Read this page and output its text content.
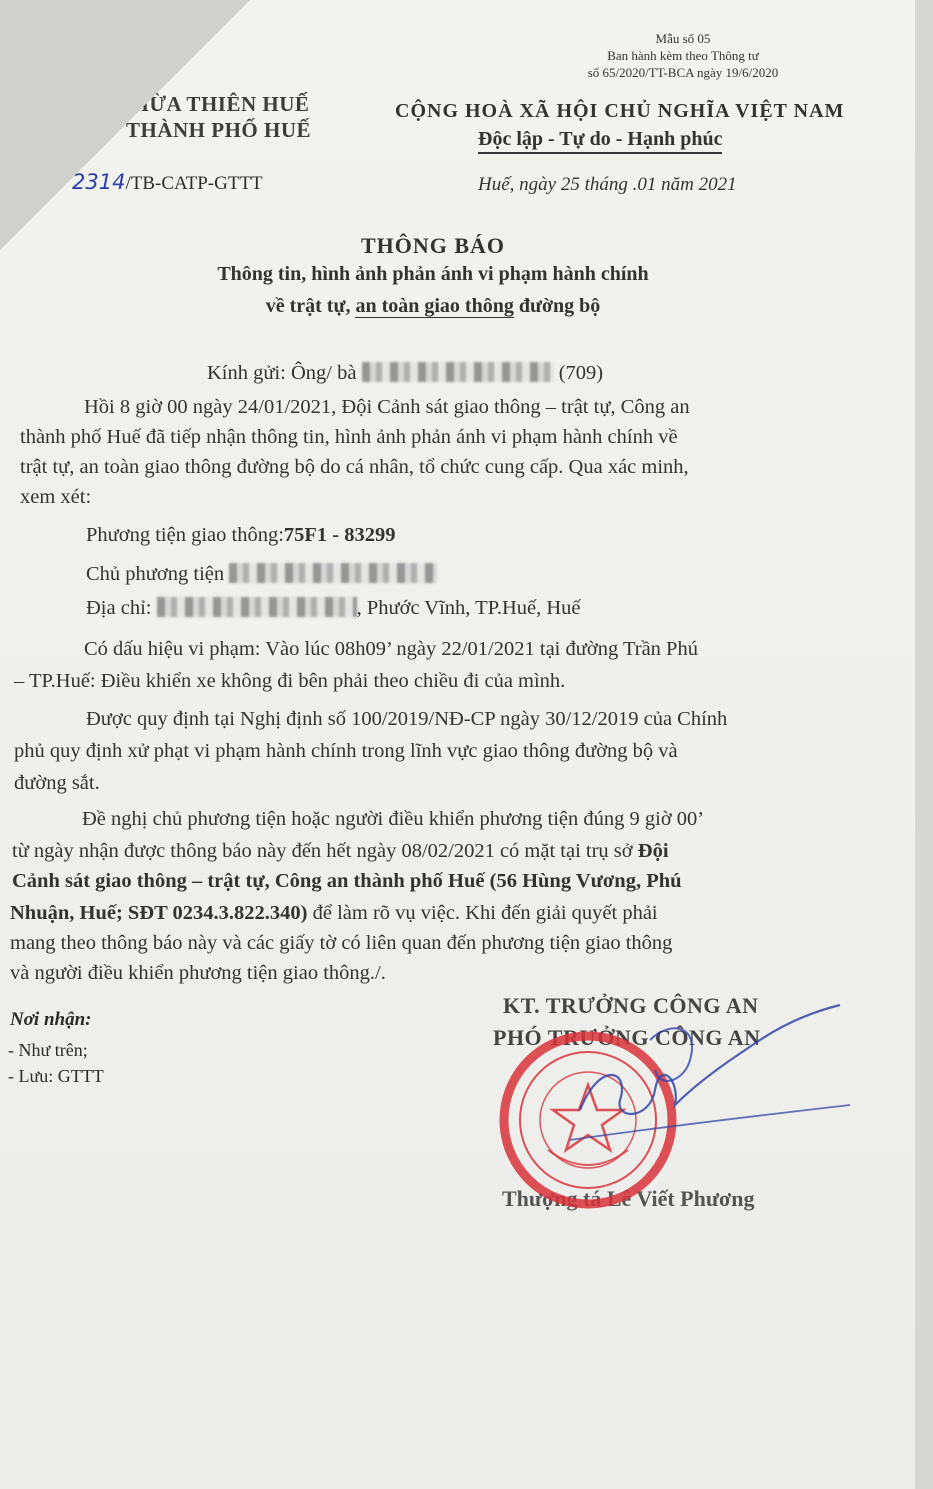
Mẫu số 05
Ban hành kèm theo Thông tư
số 65/2020/TT-BCA ngày 19/6/2020
THỪA THIÊN HUẾ
THÀNH PHỐ HUẾ
2314/TB-CATP-GTTT
CỘNG HOÀ XÃ HỘI CHỦ NGHĨA VIỆT NAM
Độc lập - Tự do - Hạnh phúc
Huế, ngày 25 tháng .01 năm 2021
THÔNG BÁO
Thông tin, hình ảnh phản ánh vi phạm hành chính
về trật tự, an toàn giao thông đường bộ
Kính gửi: Ông/ bà	(709)
Hồi 8 giờ 00 ngày 24/01/2021, Đội Cảnh sát giao thông – trật tự, Công an
thành phố Huế đã tiếp nhận thông tin, hình ảnh phản ánh vi phạm hành chính về
trật tự, an toàn giao thông đường bộ do cá nhân, tổ chức cung cấp. Qua xác minh,
xem xét:
Phương tiện giao thông:75F1 - 83299
Chủ phương tiện
Địa chỉ:	, Phước Vĩnh, TP.Huế, Huế
Có dấu hiệu vi phạm: Vào lúc 08h09’ ngày 22/01/2021 tại đường Trần Phú
– TP.Huế: Điều khiển xe không đi bên phải theo chiều đi của mình.
Được quy định tại Nghị định số 100/2019/NĐ-CP ngày 30/12/2019 của Chính
phủ quy định xử phạt vi phạm hành chính trong lĩnh vực giao thông đường bộ và
đường sắt.
Đề nghị chủ phương tiện hoặc người điều khiển phương tiện đúng 9 giờ 00’
từ ngày nhận được thông báo này đến hết ngày 08/02/2021 có mặt tại trụ sở Đội
Cảnh sát giao thông – trật tự, Công an thành phố Huế (56 Hùng Vương, Phú
Nhuận, Huế; SĐT 0234.3.822.340) để làm rõ vụ việc. Khi đến giải quyết phải
mang theo thông báo này và các giấy tờ có liên quan đến phương tiện giao thông
và người điều khiển phương tiện giao thông./.
Nơi nhận:
- Như trên;
- Lưu: GTTT
KT. TRƯỞNG CÔNG AN
PHÓ TRƯỞNG CÔNG AN
Thượng tá Lê Viết Phương
